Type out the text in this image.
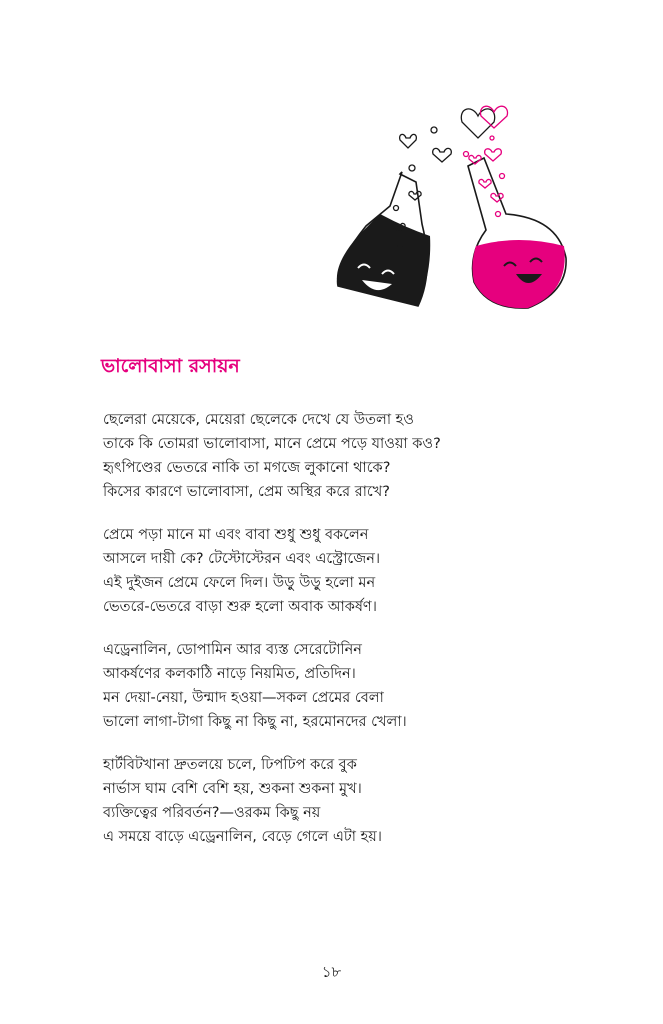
ভালোবাসা রসায়ন
ছেলেরা মেয়েকে, মেয়েরা ছেলেকে দেখে যে উতলা হও
তাকে কি তোমরা ভালোবাসা, মানে প্রেমে পড়ে যাওয়া কও?
হৃৎপিণ্ডের ভেতরে নাকি তা মগজে লুকানো থাকে?
কিসের কারণে ভালোবাসা, প্রেম অস্থির করে রাখে?
প্রেমে পড়া মানে মা এবং বাবা শুধু শুধু বকলেন
আসলে দায়ী কে? টেস্টোস্টেরন এবং এস্ট্রোজেন।
এই দুইজন প্রেমে ফেলে দিল। উড়ু উড়ু হলো মন
ভেতরে-ভেতরে বাড়া শুরু হলো অবাক আকর্ষণ।
এড্রেনালিন, ডোপামিন আর ব্যস্ত সেরেটোনিন
আকর্ষণের কলকাঠি নাড়ে নিয়মিত, প্রতিদিন।
মন দেয়া-নেয়া, উন্মাদ হওয়া—সকল প্রেমের বেলা
ভালো লাগা-টাগা কিছু না কিছু না, হরমোনদের খেলা।
হার্টবিটখানা দ্রুতলয়ে চলে, ঢিপঢিপ করে বুক
নার্ভাস ঘাম বেশি বেশি হয়, শুকনা শুকনা মুখ।
ব্যক্তিত্বের পরিবর্তন?—ওরকম কিছু নয়
এ সময়ে বাড়ে এড্রেনালিন, বেড়ে গেলে এটা হয়।
১৮
